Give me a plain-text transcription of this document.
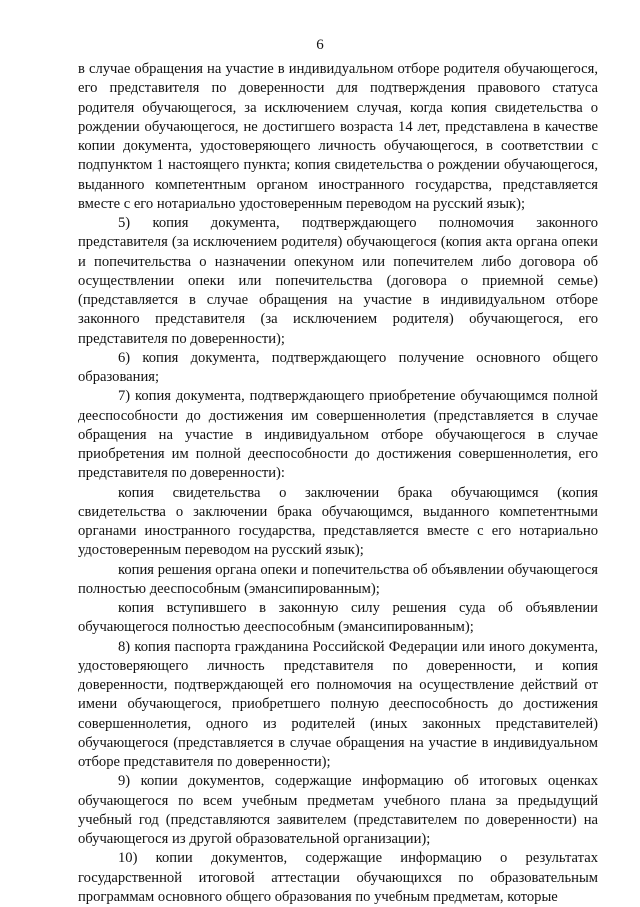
6

в случае обращения на участие в индивидуальном отборе родителя обучающегося, его представителя по доверенности для подтверждения правового статуса родителя обучающегося, за исключением случая, когда копия свидетельства о рождении обучающегося, не достигшего возраста 14 лет, представлена в качестве копии документа, удостоверяющего личность обучающегося, в соответствии с подпунктом 1 настоящего пункта; копия свидетельства о рождении обучающегося, выданного компетентным органом иностранного государства, представляется вместе с его нотариально удостоверенным переводом на русский язык);

5) копия документа, подтверждающего полномочия законного представителя (за исключением родителя) обучающегося (копия акта органа опеки и попечительства о назначении опекуном или попечителем либо договора об осуществлении опеки или попечительства (договора о приемной семье) (представляется в случае обращения на участие в индивидуальном отборе законного представителя (за исключением родителя) обучающегося, его представителя по доверенности);

6) копия документа, подтверждающего получение основного общего образования;

7) копия документа, подтверждающего приобретение обучающимся полной дееспособности до достижения им совершеннолетия (представляется в случае обращения на участие в индивидуальном отборе обучающегося в случае приобретения им полной дееспособности до достижения совершеннолетия, его представителя по доверенности):

копия свидетельства о заключении брака обучающимся (копия свидетельства о заключении брака обучающимся, выданного компетентными органами иностранного государства, представляется вместе с его нотариально удостоверенным переводом на русский язык);

копия решения органа опеки и попечительства об объявлении обучающегося полностью дееспособным (эмансипированным);

копия вступившего в законную силу решения суда об объявлении обучающегося полностью дееспособным (эмансипированным);

8) копия паспорта гражданина Российской Федерации или иного документа, удостоверяющего личность представителя по доверенности, и копия доверенности, подтверждающей его полномочия на осуществление действий от имени обучающегося, приобретшего полную дееспособность до достижения совершеннолетия, одного из родителей (иных законных представителей) обучающегося (представляется в случае обращения на участие в индивидуальном отборе представителя по доверенности);

9) копии документов, содержащие информацию об итоговых оценках обучающегося по всем учебным предметам учебного плана за предыдущий учебный год (представляются заявителем (представителем по доверенности) на обучающегося из другой образовательной организации);

10) копии документов, содержащие информацию о результатах государственной итоговой аттестации обучающихся по образовательным программам основного общего образования по учебным предметам, которые
